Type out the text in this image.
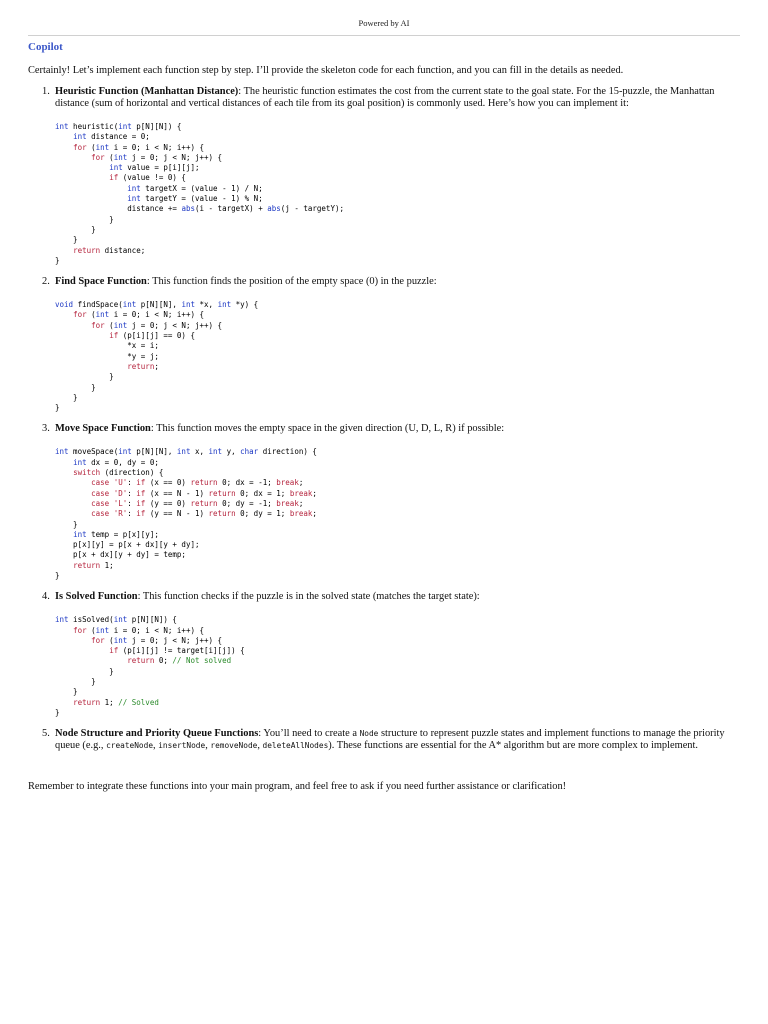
Powered by AI
Copilot
Certainly! Let’s implement each function step by step. I’ll provide the skeleton code for each function, and you can fill in the details as needed.
1. Heuristic Function (Manhattan Distance): The heuristic function estimates the cost from the current state to the goal state. For the 15-puzzle, the Manhattan distance (sum of horizontal and vertical distances of each tile from its goal position) is commonly used. Here’s how you can implement it:
int heuristic(int p[N][N]) {
int distance = 0;
for (int i = 0; i < N; i++) {
for (int j = 0; j < N; j++) {
int value = p[i][j];
if (value != 0) {
int targetX = (value - 1) / N;
int targetY = (value - 1) % N;
distance += abs(i - targetX) + abs(j - targetY);
}
}
}
return distance;
}
2. Find Space Function: This function finds the position of the empty space (0) in the puzzle:
void findSpace(int p[N][N], int *x, int *y) {
for (int i = 0; i < N; i++) {
for (int j = 0; j < N; j++) {
if (p[i][j] == 0) {
*x = i;
*y = j;
return;
}
}
}
}
3. Move Space Function: This function moves the empty space in the given direction (U, D, L, R) if possible:
int moveSpace(int p[N][N], int x, int y, char direction) {
int dx = 0, dy = 0;
switch (direction) {
case 'U': if (x == 0) return 0; dx = -1; break;
case 'D': if (x == N - 1) return 0; dx = 1; break;
case 'L': if (y == 0) return 0; dy = -1; break;
case 'R': if (y == N - 1) return 0; dy = 1; break;
}
int temp = p[x][y];
p[x][y] = p[x + dx][y + dy];
p[x + dx][y + dy] = temp;
return 1;
}
4. Is Solved Function: This function checks if the puzzle is in the solved state (matches the target state):
int isSolved(int p[N][N]) {
for (int i = 0; i < N; i++) {
for (int j = 0; j < N; j++) {
if (p[i][j] != target[i][j]) {
return 0; // Not solved
}
}
}
return 1; // Solved
}
5. Node Structure and Priority Queue Functions: You’ll need to create a Node structure to represent puzzle states and implement functions to manage the priority queue (e.g., createNode, insertNode, removeNode, deleteAllNodes). These functions are essential for the A* algorithm but are more complex to implement.
Remember to integrate these functions into your main program, and feel free to ask if you need further assistance or clarification!
